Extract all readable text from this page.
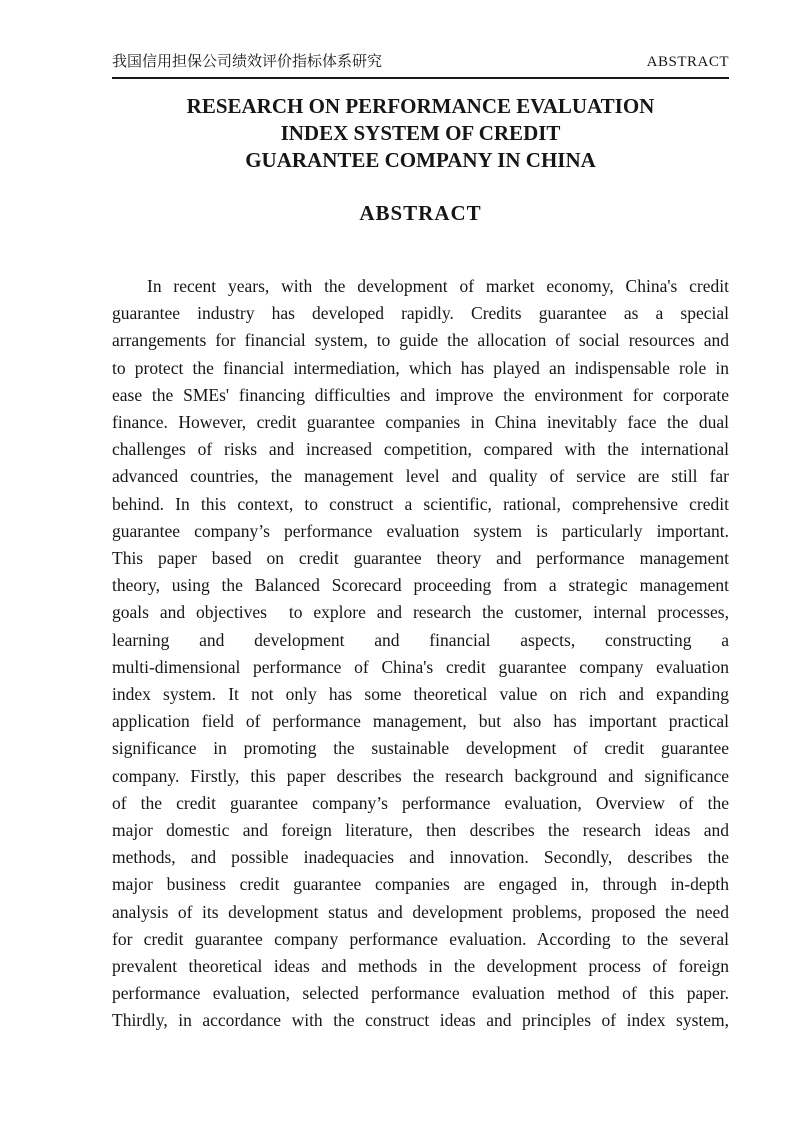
我国信用担保公司绩效评价指标体系研究	ABSTRACT
RESEARCH ON PERFORMANCE EVALUATION
INDEX SYSTEM OF CREDIT
GUARANTEE COMPANY IN CHINA
ABSTRACT
In recent years, with the development of market economy, China's credit
guarantee industry has developed rapidly. Credits guarantee as a special
arrangements for financial system, to guide the allocation of social resources and
to protect the financial intermediation, which has played an indispensable role in
ease the SMEs' financing difficulties and improve the environment for corporate
finance. However, credit guarantee companies in China inevitably face the dual
challenges of risks and increased competition, compared with the international
advanced countries, the management level and quality of service are still far
behind. In this context, to construct a scientific, rational, comprehensive credit
guarantee company’s performance evaluation system is particularly important.
This paper based on credit guarantee theory and performance management
theory, using the Balanced Scorecard proceeding from a strategic management
goals and objectives  to explore and research the customer, internal processes,
learning and development and financial aspects, constructing a
multi-dimensional performance of China's credit guarantee company evaluation
index system. It not only has some theoretical value on rich and expanding
application field of performance management, but also has important practical
significance in promoting the sustainable development of credit guarantee
company. Firstly, this paper describes the research background and significance
of the credit guarantee company’s performance evaluation, Overview of the
major domestic and foreign literature, then describes the research ideas and
methods, and possible inadequacies and innovation. Secondly, describes the
major business credit guarantee companies are engaged in, through in-depth
analysis of its development status and development problems, proposed the need
for credit guarantee company performance evaluation. According to the several
prevalent theoretical ideas and methods in the development process of foreign
performance evaluation, selected performance evaluation method of this paper.
Thirdly, in accordance with the construct ideas and principles of index system,
